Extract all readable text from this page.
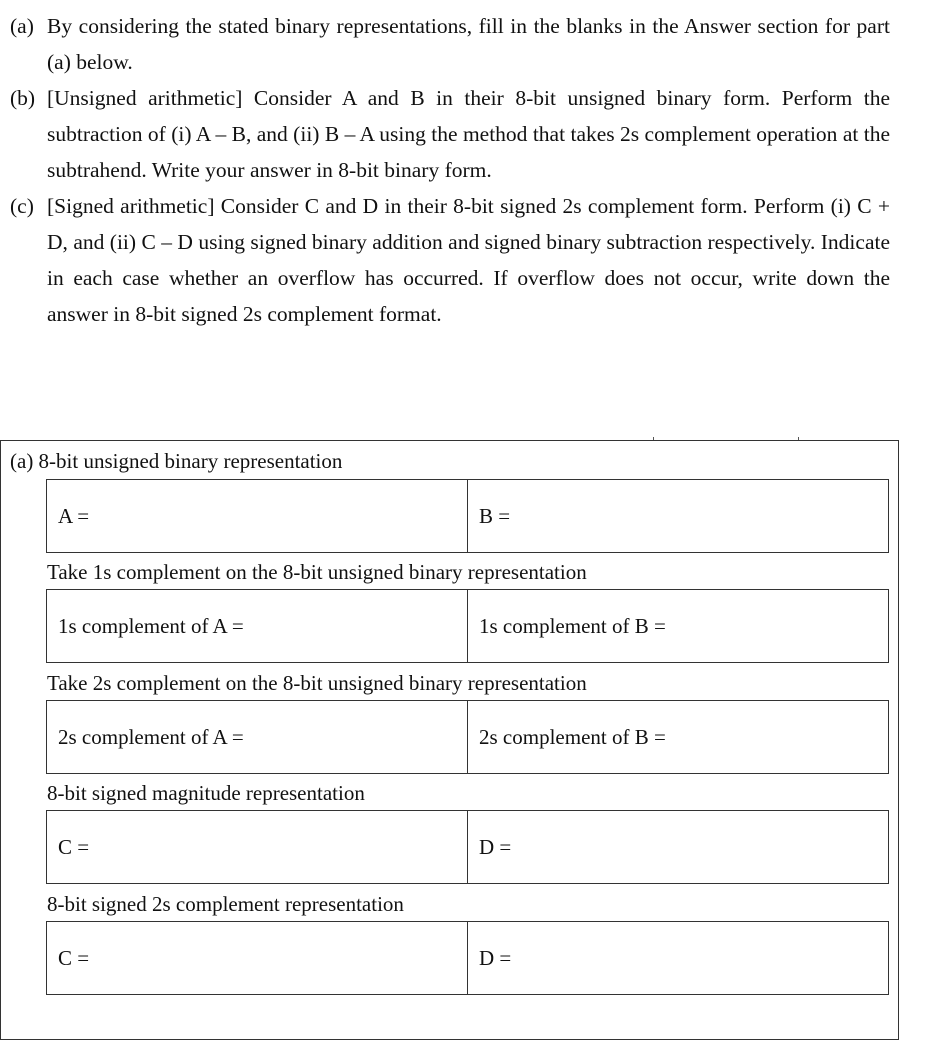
(a) By considering the stated binary representations, fill in the blanks in the Answer section for part (a) below.
(b) [Unsigned arithmetic] Consider A and B in their 8-bit unsigned binary form. Perform the subtraction of (i) A – B, and (ii) B – A using the method that takes 2s complement operation at the subtrahend. Write your answer in 8-bit binary form.
(c) [Signed arithmetic] Consider C and D in their 8-bit signed 2s complement form. Perform (i) C + D, and (ii) C – D using signed binary addition and signed binary subtraction respectively. Indicate in each case whether an overflow has occurred. If overflow does not occur, write down the answer in 8-bit signed 2s complement format.
(a) 8-bit unsigned binary representation
A =	B =
Take 1s complement on the 8-bit unsigned binary representation
1s complement of A =	1s complement of B =
Take 2s complement on the 8-bit unsigned binary representation
2s complement of A =	2s complement of B =
8-bit signed magnitude representation
C =	D =
8-bit signed 2s complement representation
C =	D =
